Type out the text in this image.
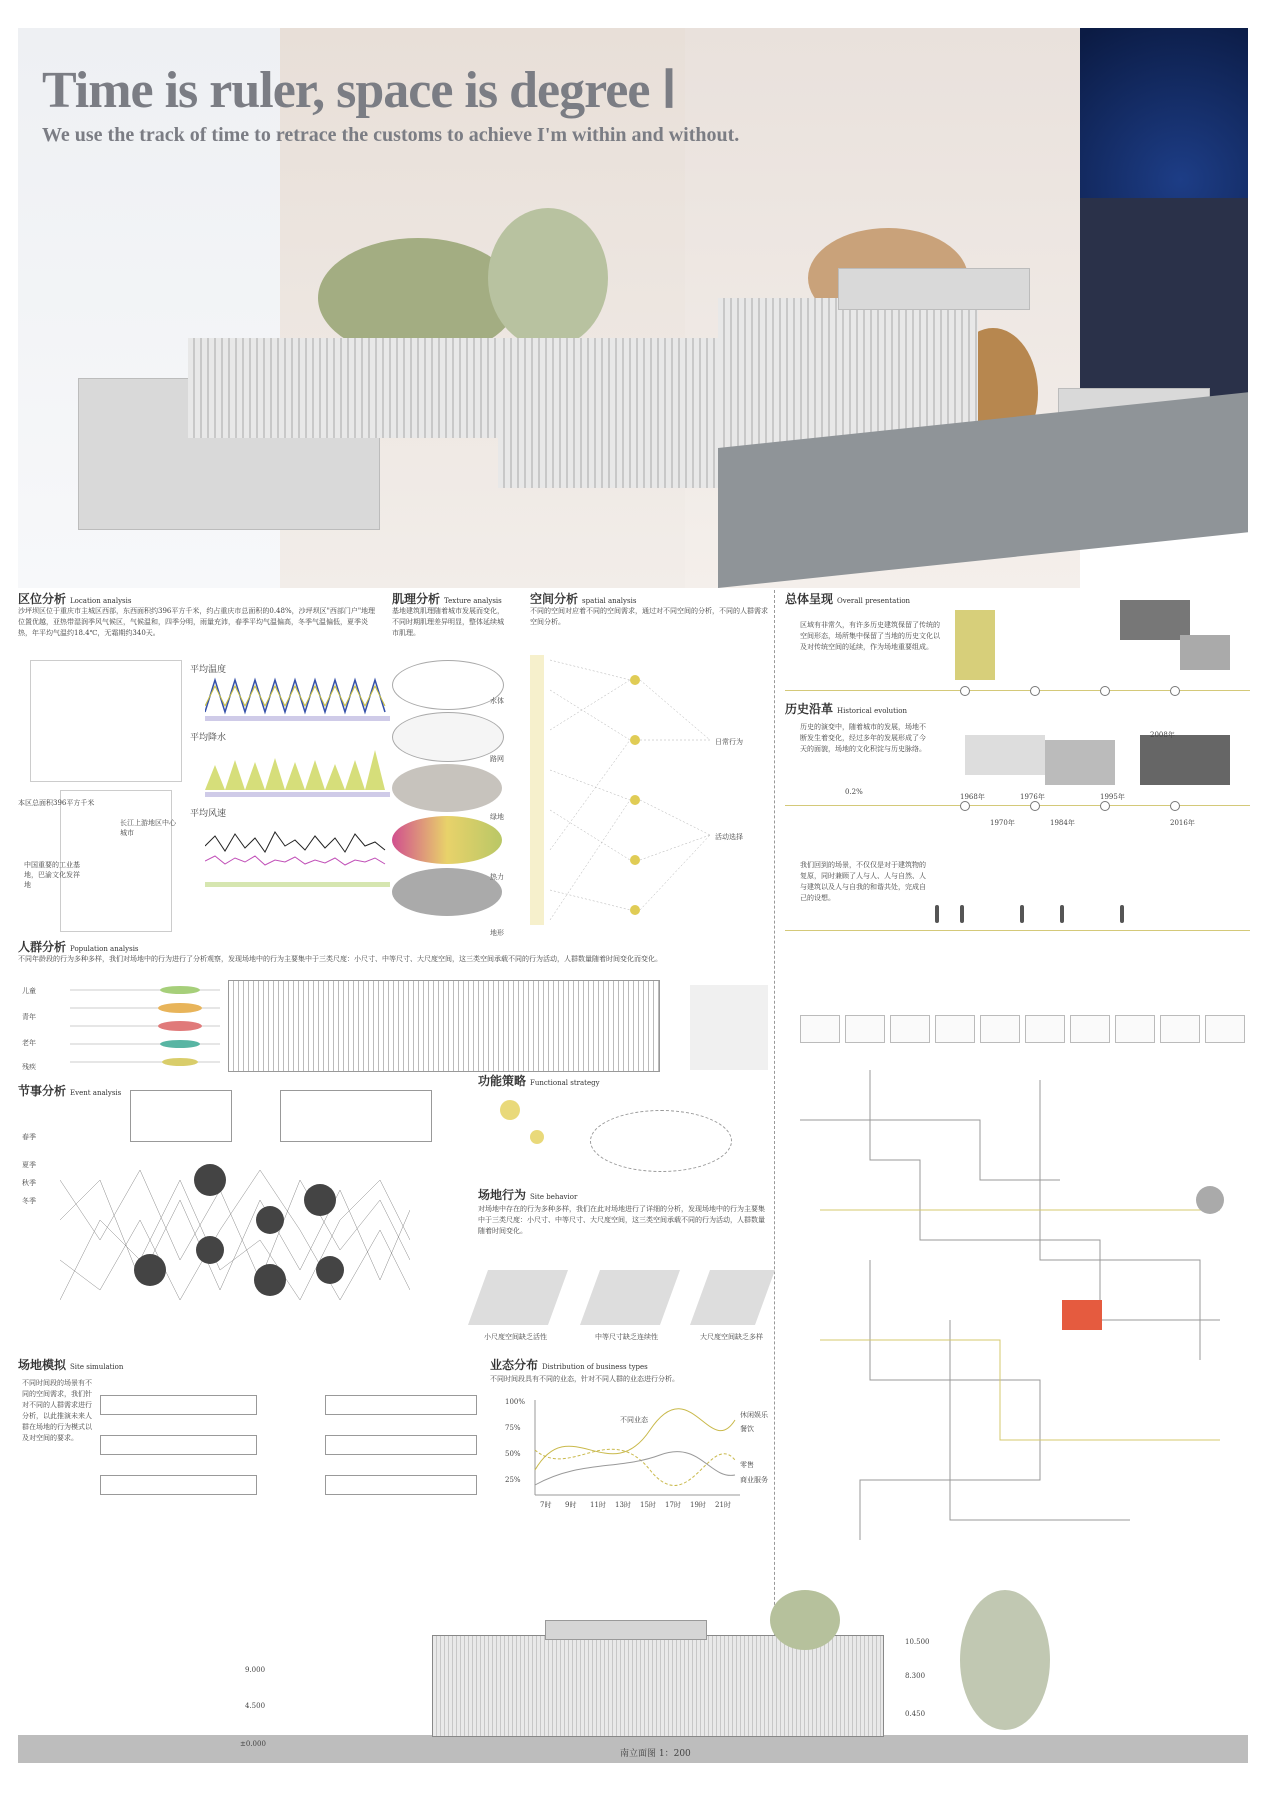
Time is ruler, space is degree Ⅰ
We use the track of time to retrace the customs to achieve I'm within and without.
区位分析 Location analysis
沙坪坝区位于重庆市主城区西部，东西面积约396平方千米，约占重庆市总面积的0.48%，沙坪坝区"西部门户"地理位置优越，亚热带湿润季风气候区，气候温和，四季分明，雨量充沛，春季平均气温偏高，冬季气温偏低，夏季炎热，年平均气温约18.4℃，无霜期约340天。
本区总面积396平方千米
长江上游地区中心城市
中国重要的工业基地，巴渝文化发祥地
平均温度
平均降水
平均风速
肌理分析 Texture analysis
基地建筑肌理随着城市发展而变化，不同时期肌理差异明显，整体延续城市肌理。
水体
路网
绿地
热力
地形
空间分析 spatial analysis
不同的空间对应着不同的空间需求，通过对不同空间的分析，不同的人群需求空间分析。
日常行为
活动选择
总体呈现 Overall presentation
区域有非常久，有许多历史建筑保留了传统的空间形态，场所集中保留了当地的历史文化以及对传统空间的延续，作为场地重要组成。
历史沿革 Historical evolution
历史的演变中，随着城市的发展，场地不断发生着变化，经过多年的发展形成了今天的面貌，场地的文化积淀与历史脉络。
0.2%
1968年
1970年
1976年
1984年
1995年
2008年
2016年
我们回到的场景，不仅仅是对于建筑物的复原，同时兼顾了人与人、人与自然、人与建筑以及人与自我的和谐共处，完成自己的设想。
人群分析 Population analysis
不同年龄段的行为多种多样，我们对场地中的行为进行了分析观察，发现场地中的行为主要集中于三类尺度：小尺寸、中等尺寸、大尺度空间，这三类空间承载不同的行为活动，人群数量随着时间变化而变化。
儿童
青年
老年
残疾
节事分析 Event analysis
春季
夏季
秋季
冬季
功能策略 Functional strategy
场地行为 Site behavior
对场地中存在的行为多种多样，我们在此对场地进行了详细的分析，发现场地中的行为主要集中于三类尺度：小尺寸、中等尺寸、大尺度空间，这三类空间承载不同的行为活动，人群数量随着时间变化。
小尺度空间缺乏活性	中等尺寸缺乏连续性	大尺度空间缺乏多样
场地模拟 Site simulation
不同时间段的场景有不同的空间需求，我们针对不同的人群需求进行分析，以此推演未来人群在场地的行为模式以及对空间的要求。
业态分布 Distribution of business types
不同时间段具有不同的业态，针对不同人群的业态进行分析。
100%
75%
50%
25%
7时 9时 11时 13时 15时 17时 19时 21时
不同业态
休闲娱乐
餐饮
零售
商业服务
9.000
4.500
±0.000
10.500
8.300
0.450
南立面图 1：200
